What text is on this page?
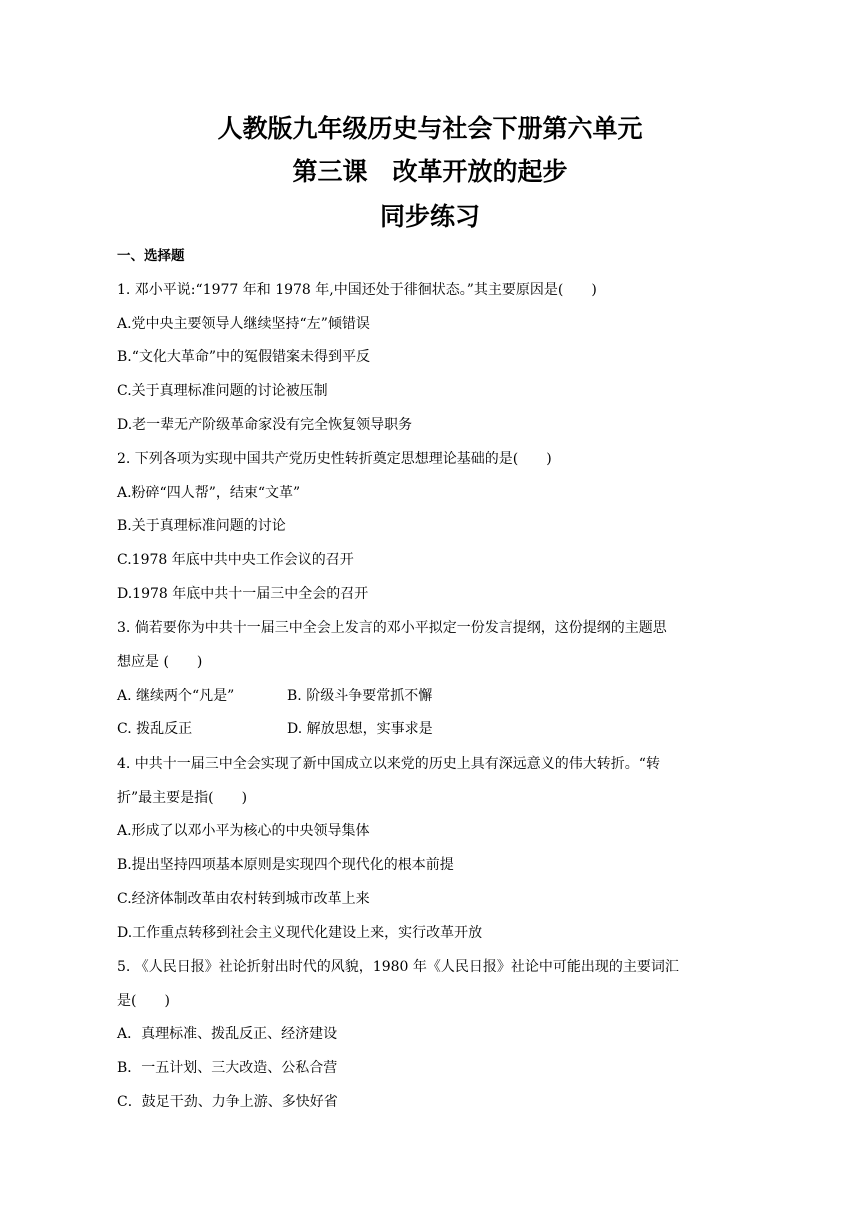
人教版九年级历史与社会下册第六单元
第三课　改革开放的起步
同步练习
一、选择题
1. 邓小平说:“1977 年和 1978 年,中国还处于徘徊状态。”其主要原因是(　　)
A.党中央主要领导人继续坚持“左”倾错误
B.“文化大革命”中的冤假错案未得到平反
C.关于真理标准问题的讨论被压制
D.老一辈无产阶级革命家没有完全恢复领导职务
2. 下列各项为实现中国共产党历史性转折奠定思想理论基础的是(　　)
A.粉碎“四人帮”，结束“文革”
B.关于真理标准问题的讨论
C.1978 年底中共中央工作会议的召开
D.1978 年底中共十一届三中全会的召开
3. 倘若要你为中共十一届三中全会上发言的邓小平拟定一份发言提纲，这份提纲的主题思
想应是 (　　)
A. 继续两个“凡是”	B. 阶级斗争要常抓不懈
C. 拨乱反正	D. 解放思想，实事求是
4. 中共十一届三中全会实现了新中国成立以来党的历史上具有深远意义的伟大转折。“转
折”最主要是指(　　)
A.形成了以邓小平为核心的中央领导集体
B.提出坚持四项基本原则是实现四个现代化的根本前提
C.经济体制改革由农村转到城市改革上来
D.工作重点转移到社会主义现代化建设上来，实行改革开放
5. 《人民日报》社论折射出时代的风貌，1980 年《人民日报》社论中可能出现的主要词汇
是(　　)
A．真理标准、拨乱反正、经济建设
B．一五计划、三大改造、公私合营
C．鼓足干劲、力争上游、多快好省
